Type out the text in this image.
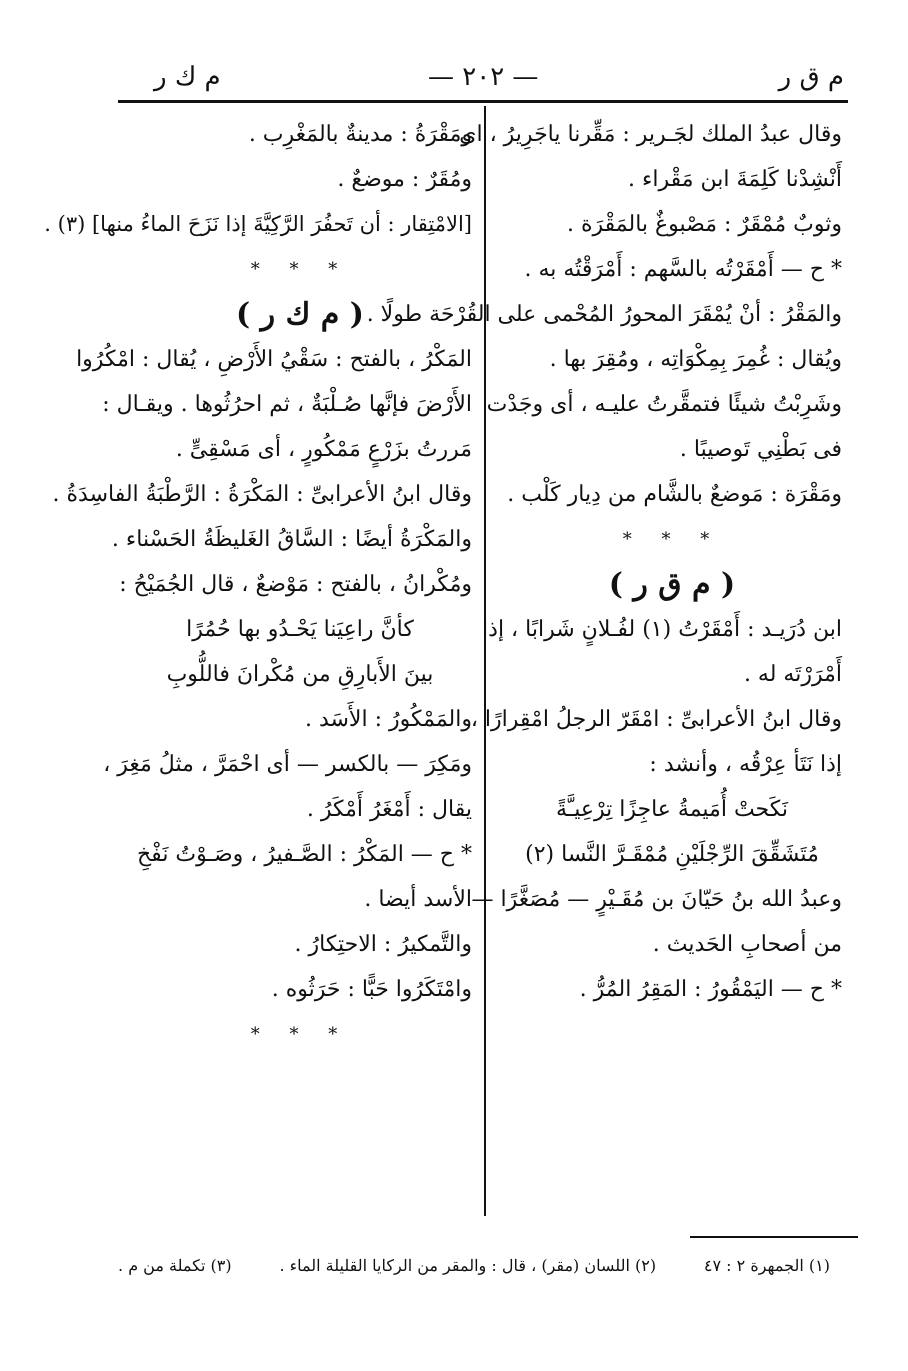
م ق ر
— ٢٠٢ —
م ك ر
وقال عبدُ الملك لجَـرير : مَقِّرنا ياجَرِيرُ ، اى
أَنْشِدْنا كَلِمَةَ ابن مَقْراء .
وثوبٌ مُمْقَرٌ : مَصْبوغٌ بالمَقْرَة .
* ح — أَمْقَرْتُه بالسَّهم : أَمْرَقْتُه به .
والمَقْرُ : أنْ يُمْقَرَ المحورُ المُحْمى على القُرْحَة طولًا .
ويُقال : غُمِرَ بِمِكْوَاتِه ، ومُقِرَ بها .
وشَرِبْتُ شيئًا فتمقَّرتُ عليـه ، أى وجَدْت
فى بَطْنِي تَوصيبًا .
ومَقْرَة : مَوضعٌ بالشَّام من دِيار كَلْب .
* * *
( م ق ر )
ابن دُرَيـد : أَمْقَرْتُ (١) لفُـلانٍ شَرابًا ، إذا
أَمْرَرْتَه له .
وقال ابنُ الأعرابىِّ : امْقَرّ الرجلُ امْقِرارًا ،
إذا نَتَأ عِرْقُه ، وأنشد :
نَكَحتْ أُمَيمةُ عاجِزًا تِرْعِيـَّةً
مُتَشَقِّقَ الرِّجْلَيْنِ مُمْقَـرَّ النَّسا (٢)
وعبدُ الله بنُ حَيّانَ بن مُقَـيْرٍ — مُصَغَّرًا —
من أصحابِ الحَديث .
* ح — اليَمْقُورُ : المَقِرُ المُرُّ .
ومَقْرَةُ : مدينةٌ بالمَغْرِب .
ومُقَرٌ : موضعٌ .
[الامْتِقار : أن تَحفُرَ الرَّكِيَّةَ إذا نَزَحَ الماءُ منها] (٣) .
* * *
( م ك ر )
المَكْرُ ، بالفتح : سَقْيُ الأَرْضِ ، يُقال : امْكُرُوا
الأَرْضَ فإنَّها صُـلْبَةٌ ، ثم احرُثُوها . ويقـال :
مَررتُ بزَرْعٍ مَمْكُورٍ ، أى مَسْقِىٍّ .
وقال ابنُ الأعرابىِّ : المَكْرَةُ : الرَّطْبَةُ الفاسِدَةُ .
والمَكْرَةُ أيضًا : السَّاقُ الغَليظَةُ الحَسْناء .
ومُكْرانُ ، بالفتح : مَوْضعٌ ، قال الجُمَيْحُ :
كأنَّ راعِيَنا يَحْـدُو بها حُمُرًا
بينَ الأَبارِقِ من مُكْرانَ فاللُّوبِ
والمَمْكُورُ : الأَسَد .
ومَكِرَ — بالكسر — أى احْمَرَّ ، مثلُ مَغِرَ ،
يقال : أَمْغَرُ أَمْكَرُ .
* ح — المَكْرُ : الصَّـفيرُ ، وصَـوْتُ نَفْخِ
الأسد أيضا .
والتَّمكيرُ : الاحتِكارُ .
وامْتَكَرُوا حَبًّا : حَرَثُوه .
* * *
(١) الجمهرة ٢ : ٤٧
(٢) اللسان (مقر) ، قال : والمقر من الركايا القليلة الماء .
(٣) تكملة من م .
